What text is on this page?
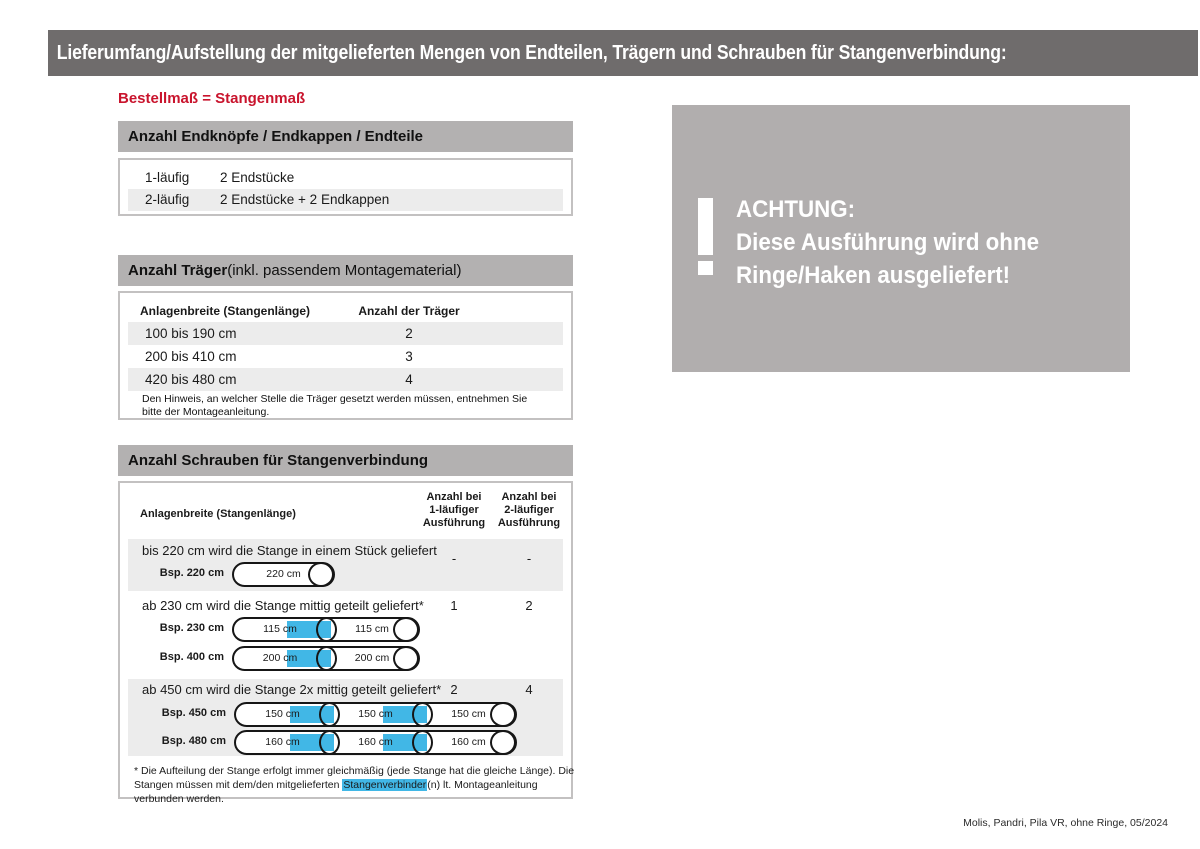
Lieferumfang/Aufstellung der mitgelieferten Mengen von Endteilen, Trägern und Schrauben für Stangenverbindung:
Bestellmaß = Stangenmaß
Anzahl Endknöpfe / Endkappen / Endteile
1-läufig 2 Endstücke
2-läufig 2 Endstücke + 2 Endkappen
Anzahl Träger (inkl. passendem Montagematerial)
Anlagenbreite (Stangenlänge)	Anzahl der Träger
100 bis 190 cm	2
200 bis 410 cm	3
420 bis 480 cm	4
Den Hinweis, an welcher Stelle die Träger gesetzt werden müssen, entnehmen Sie bitte der Montageanleitung.
Anzahl Schrauben für Stangenverbindung
Anlagenbreite (Stangenlänge)
Anzahl bei
1-läufiger
Ausführung
Anzahl bei
2-läufiger
Ausführung
bis 220 cm wird die Stange in einem Stück geliefert
-	-
Bsp. 220 cm	220 cm
ab 230 cm wird die Stange mittig geteilt geliefert*	1	2
Bsp. 230 cm	115 cm	115 cm
Bsp. 400 cm	200 cm	200 cm
ab 450 cm wird die Stange 2x mittig geteilt geliefert* 2	4
Bsp. 450 cm	150 cm	150 cm	150 cm
Bsp. 480 cm	160 cm	160 cm	160 cm
* Die Aufteilung der Stange erfolgt immer gleichmäßig (jede Stange hat die gleiche Länge). Die Stangen müssen mit dem/den mitgelieferten Stangenverbinder(n) lt. Montageanleitung verbunden werden.
ACHTUNG:
Diese Ausführung wird ohne
Ringe/Haken ausgeliefert!
Molis, Pandri, Pila VR, ohne Ringe, 05/2024
